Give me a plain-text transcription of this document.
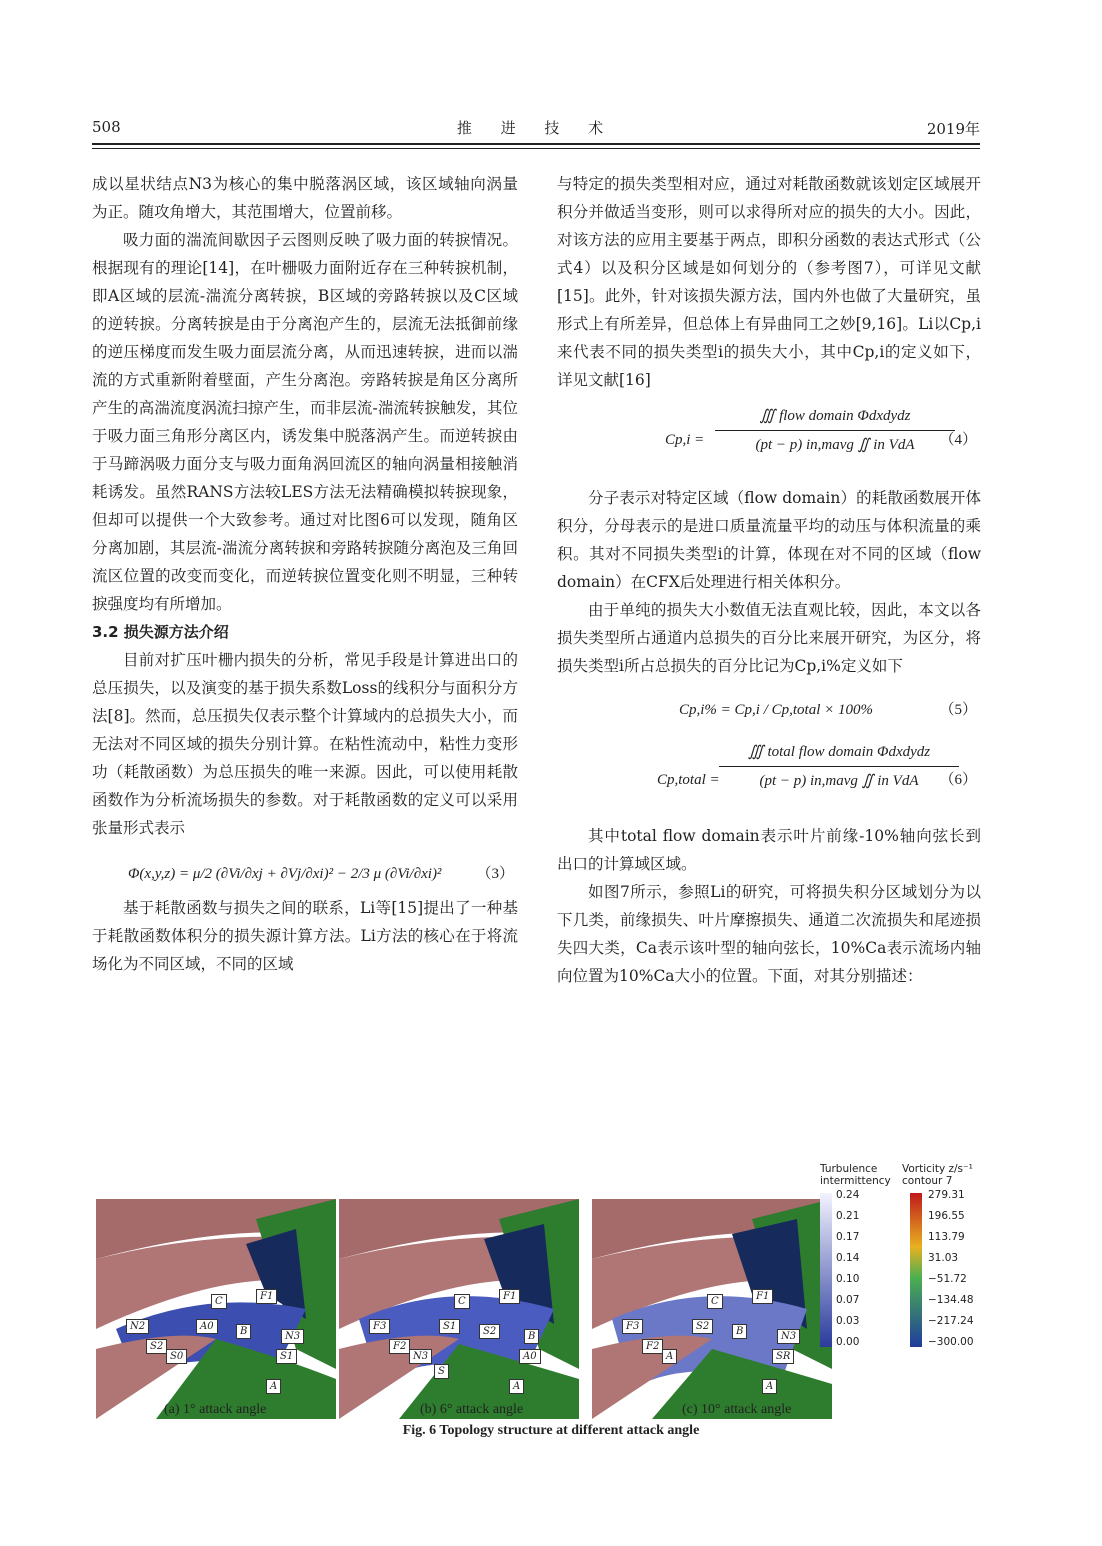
508	推 进 技 术	2019年

成以星状结点N3为核心的集中脱落涡区域，该区域轴向涡量为正。随攻角增大，其范围增大，位置前移。

吸力面的湍流间歇因子云图则反映了吸力面的转捩情况。根据现有的理论[14]，在叶栅吸力面附近存在三种转捩机制，即A区域的层流-湍流分离转捩，B区域的旁路转捩以及C区域的逆转捩。分离转捩是由于分离泡产生的，层流无法抵御前缘的逆压梯度而发生吸力面层流分离，从而迅速转捩，进而以湍流的方式重新附着壁面，产生分离泡。旁路转捩是角区分离所产生的高湍流度涡流扫掠产生，而非层流-湍流转捩触发，其位于吸力面三角形分离区内，诱发集中脱落涡产生。而逆转捩由于马蹄涡吸力面分支与吸力面角涡回流区的轴向涡量相接触消耗诱发。虽然RANS方法较LES方法无法精确模拟转捩现象，但却可以提供一个大致参考。通过对比图6可以发现，随角区分离加剧，其层流-湍流分离转捩和旁路转捩随分离泡及三角回流区位置的改变而变化，而逆转捩位置变化则不明显，三种转捩强度均有所增加。

3.2 损失源方法介绍

目前对扩压叶栅内损失的分析，常见手段是计算进出口的总压损失，以及演变的基于损失系数Loss的线积分与面积分方法[8]。然而，总压损失仅表示整个计算域内的总损失大小，而无法对不同区域的损失分别计算。在粘性流动中，粘性力变形功（耗散函数）为总压损失的唯一来源。因此，可以使用耗散函数作为分析流场损失的参数。对于耗散函数的定义可以采用张量形式表示

Φ(x,y,z) = μ/2 (∂Vi/∂xj + ∂Vj/∂xi)² − 2/3 μ (∂Vi/∂xi)² （3）

基于耗散函数与损失之间的联系，Li等[15]提出了一种基于耗散函数体积分的损失源计算方法。Li方法的核心在于将流场化为不同区域，不同的区域

与特定的损失类型相对应，通过对耗散函数就该划定区域展开积分并做适当变形，则可以求得所对应的损失的大小。因此，对该方法的应用主要基于两点，即积分函数的表达式形式（公式4）以及积分区域是如何划分的（参考图7），可详见文献[15]。此外，针对该损失源方法，国内外也做了大量研究，虽形式上有所差异，但总体上有异曲同工之妙[9,16]。Li以Cp,i来代表不同的损失类型i的损失大小，其中Cp,i的定义如下，详见文献[16]

Cp,i =
∭ flow domain Φdxdydz
(pt − p) in,mavg ∬ in VdA	（4）

分子表示对特定区域（flow domain）的耗散函数展开体积分，分母表示的是进口质量流量平均的动压与体积流量的乘积。其对不同损失类型i的计算，体现在对不同的区域（flow domain）在CFX后处理进行相关体积分。

由于单纯的损失大小数值无法直观比较，因此，本文以各损失类型所占通道内总损失的百分比来展开研究，为区分，将损失类型i所占总损失的百分比记为Cp,i%定义如下

Cp,i% = Cp,i / Cp,total × 100%	（5）
Cp,total =
∭ total flow domain Φdxdydz
(pt − p) in,mavg ∬ in VdA	（6）

其中total flow domain表示叶片前缘-10%轴向弦长到出口的计算域区域。

如图7所示，参照Li的研究，可将损失积分区域划分为以下几类，前缘损失、叶片摩擦损失、通道二次流损失和尾迹损失四大类，Ca表示该叶型的轴向弦长，10%Ca表示流场内轴向位置为10%Ca大小的位置。下面，对其分别描述：

N2
C	F1
S2
A0	B	N3
S0	S1
A
F3
C	F1
F2
S1	S2	B
N3	A0
A
S
F3
C	F1
F2
S2	B	N3
A	SR
A
Turbulence intermittency
Vorticity z/s⁻¹ contour 7
0.24
0.21
0.17
0.14
0.10
0.07
0.03
0.00
279.31
196.55
113.79
31.03
−51.72
−134.48
−217.24
−300.00
(a) 1° attack angle	(b) 6° attack angle	(c) 10° attack angle
Fig. 6 Topology structure at different attack angle
